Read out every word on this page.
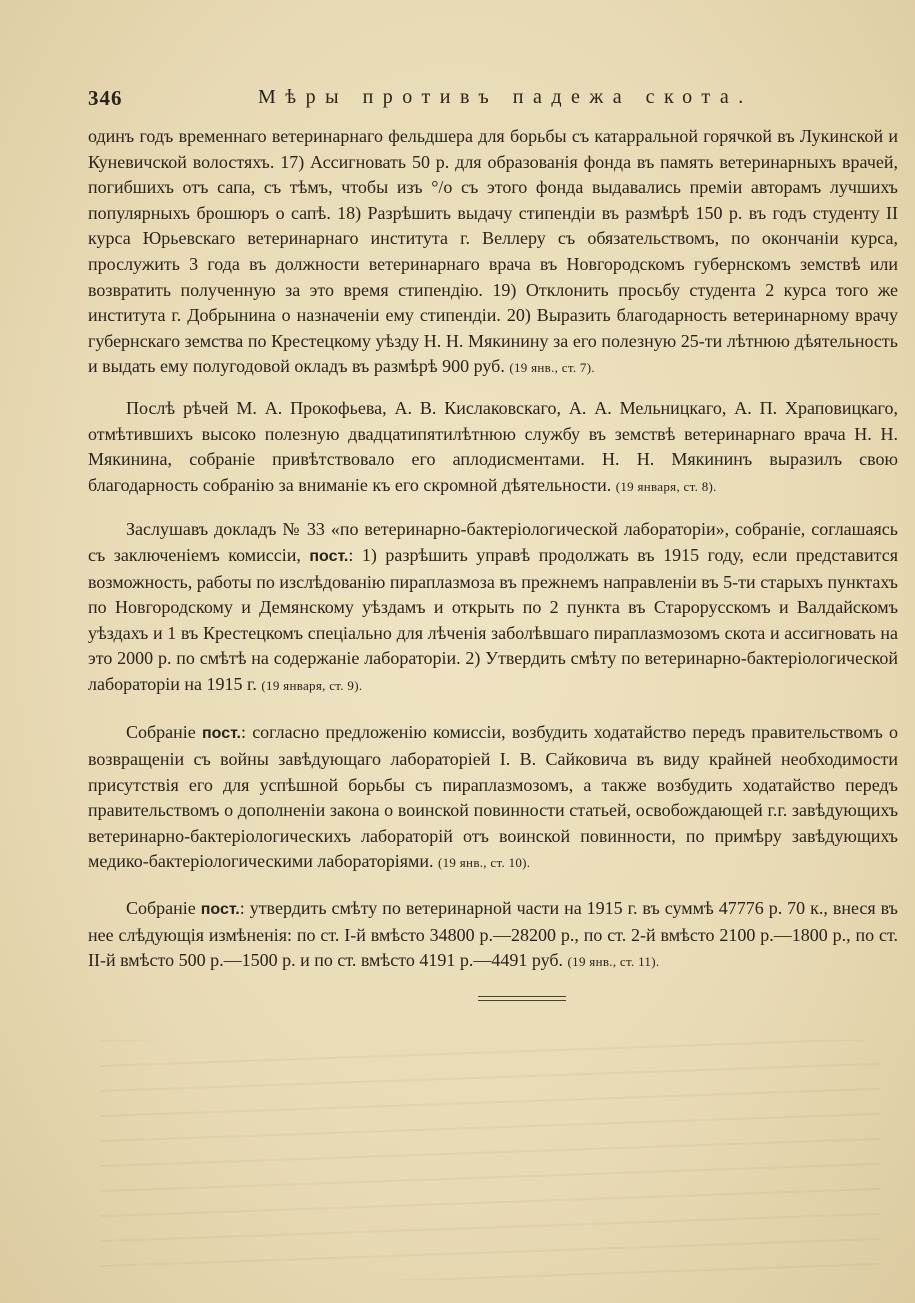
346	Мѣры противъ падежа скота.

одинъ годъ временнаго ветеринарнаго фельдшера для борьбы съ катарральной горячкой въ Лукинской и Куневичской волостяхъ. 17) Ассигновать 50 р. для образованія фонда въ память ветеринарныхъ врачей, погибшихъ отъ сапа, съ тѣмъ, чтобы изъ °/o съ этого фонда выдавались преміи авторамъ лучшихъ популярныхъ брошюръ о сапѣ. 18) Разрѣшить выдачу стипендіи въ размѣрѣ 150 р. въ годъ студенту II курса Юрьевскаго ветеринарнаго института г. Веллеру съ обязательствомъ, по окончаніи курса, прослужить 3 года въ должности ветеринарнаго врача въ Новгородскомъ губернскомъ земствѣ или возвратить полученную за это время стипендію. 19) Отклонить просьбу студента 2 курса того же института г. Добрынина о назначеніи ему стипендіи. 20) Выразить благодарность ветеринарному врачу губернскаго земства по Крестецкому уѣзду Н. Н. Мякинину за его полезную 25-ти лѣтнюю дѣятельность и выдать ему полугодовой окладъ въ размѣрѣ 900 руб. (19 янв., ст. 7).

Послѣ рѣчей М. А. Прокофьева, А. В. Кислаковскаго, А. А. Мельницкаго, А. П. Храповицкаго, отмѣтившихъ высоко полезную двадцатипятилѣтнюю службу въ земствѣ ветеринарнаго врача Н. Н. Мякинина, собраніе привѣтствовало его аплодисментами. Н. Н. Мякининъ выразилъ свою благодарность собранію за вниманіе къ его скромной дѣятельности. (19 января, ст. 8).

Заслушавъ докладъ № 33 «по ветеринарно-бактеріологической лабораторіи», собраніе, соглашаясь съ заключеніемъ комиссіи, пост.: 1) разрѣшить управѣ продолжать въ 1915 году, если представится возможность, работы по изслѣдованію пираплазмоза въ прежнемъ направленіи въ 5-ти старыхъ пунктахъ по Новгородскому и Демянскому уѣздамъ и открыть по 2 пункта въ Старорусскомъ и Валдайскомъ уѣздахъ и 1 въ Крестецкомъ спеціально для лѣченія заболѣвшаго пираплазмозомъ скота и ассигновать на это 2000 р. по смѣтѣ на содержаніе лабораторіи. 2) Утвердить смѣту по ветеринарно-бактеріологической лабораторіи на 1915 г. (19 января, ст. 9).

Собраніе пост.: согласно предложенію комиссіи, возбудить ходатайство передъ правительствомъ о возвращеніи съ войны завѣдующаго лабораторіей І. В. Сайковича въ виду крайней необходимости присутствія его для успѣшной борьбы съ пираплазмозомъ, а также возбудить ходатайство передъ правительствомъ о дополненіи закона о воинской повинности статьей, освобождающей г.г. завѣдующихъ ветеринарно-бактеріологическихъ лабораторій отъ воинской повинности, по примѣру завѣдующихъ медико-бактеріологическими лабораторіями. (19 янв., ст. 10).

Собраніе пост.: утвердить смѣту по ветеринарной части на 1915 г. въ суммѣ 47776 р. 70 к., внеся въ нее слѣдующія измѣненія: по ст. І-й вмѣсто 34800 р.—28200 р., по ст. 2-й вмѣсто 2100 р.—1800 р., по ст. ІІ-й вмѣсто 500 р.—1500 р. и по ст. вмѣсто 4191 р.—4491 руб. (19 янв., ст. 11).
